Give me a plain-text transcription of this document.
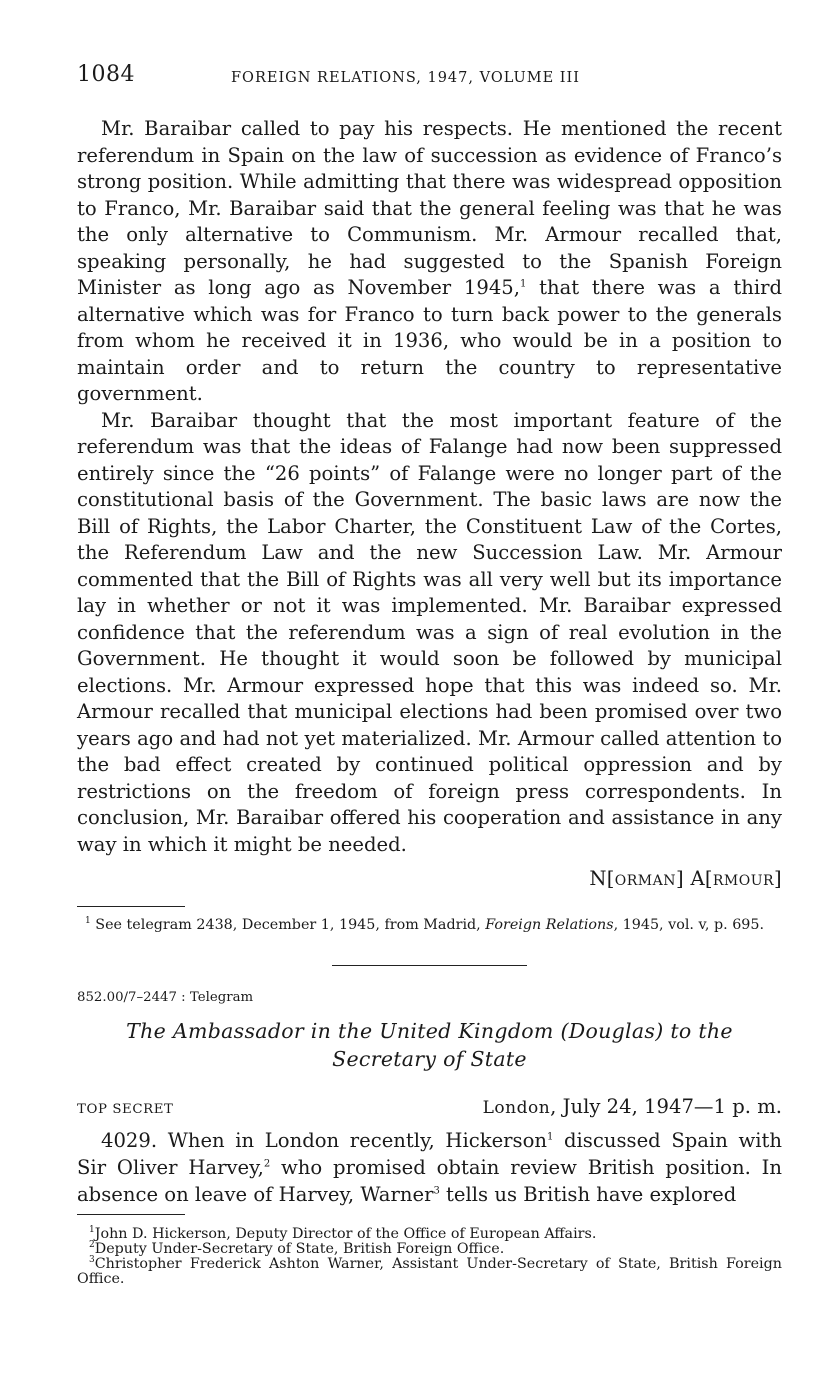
1084	FOREIGN RELATIONS, 1947, VOLUME III

Mr. Baraibar called to pay his respects. He mentioned the recent referendum in Spain on the law of succession as evidence of Franco’s strong position. While admitting that there was widespread opposition to Franco, Mr. Baraibar said that the general feeling was that he was the only alternative to Communism. Mr. Armour recalled that, speaking personally, he had suggested to the Spanish Foreign Minister as long ago as November 1945,$^1$ that there was a third alternative which was for Franco to turn back power to the generals from whom he received it in 1936, who would be in a position to maintain order and to return the country to representative government.

Mr. Baraibar thought that the most important feature of the referendum was that the ideas of Falange had now been suppressed entirely since the “26 points” of Falange were no longer part of the constitutional basis of the Government. The basic laws are now the Bill of Rights, the Labor Charter, the Constituent Law of the Cortes, the Referendum Law and the new Succession Law. Mr. Armour commented that the Bill of Rights was all very well but its importance lay in whether or not it was implemented. Mr. Baraibar expressed confidence that the referendum was a sign of real evolution in the Government. He thought it would soon be followed by municipal elections. Mr. Armour expressed hope that this was indeed so. Mr. Armour recalled that municipal elections had been promised over two years ago and had not yet materialized. Mr. Armour called attention to the bad effect created by continued political oppression and by restrictions on the freedom of foreign press correspondents. In conclusion, Mr. Baraibar offered his cooperation and assistance in any way in which it might be needed.

N[ORMAN] A[RMOUR]

$^1$ See telegram 2438, December 1, 1945, from Madrid, Foreign Relations, 1945, vol. v, p. 695.

852.00/7–2447 : Telegram
The Ambassador in the United Kingdom (Douglas) to the Secretary of State
TOP SECRET	London, July 24, 1947—1 p. m.

4029. When in London recently, Hickerson$^1$ discussed Spain with Sir Oliver Harvey,$^2$ who promised obtain review British position. In absence on leave of Harvey, Warner$^3$ tells us British have explored

$^1$John D. Hickerson, Deputy Director of the Office of European Affairs.

$^2$Deputy Under-Secretary of State, British Foreign Office.

$^3$Christopher Frederick Ashton Warner, Assistant Under-Secretary of State, British Foreign Office.
